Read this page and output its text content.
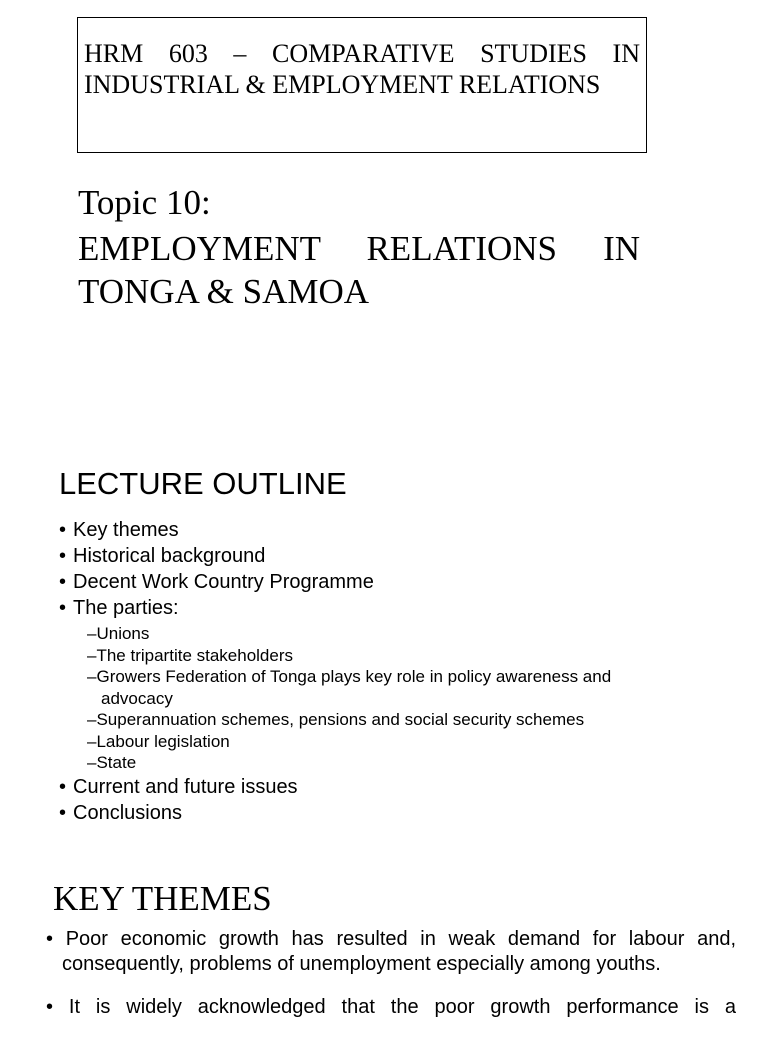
HRM 603 – COMPARATIVE STUDIES IN INDUSTRIAL & EMPLOYMENT RELATIONS
Topic 10:
EMPLOYMENT RELATIONS IN TONGA & SAMOA
LECTURE OUTLINE
• Key themes
• Historical background
• Decent Work Country Programme
• The parties:
–Unions
–The tripartite stakeholders
–Growers Federation of Tonga plays key role in policy awareness and advocacy
–Superannuation schemes, pensions and social security schemes
–Labour legislation
–State
• Current and future issues
• Conclusions
KEY THEMES
• Poor economic growth has resulted in weak demand for labour and, consequently, problems of unemployment especially among youths.
• It is widely acknowledged that the poor growth performance is a
